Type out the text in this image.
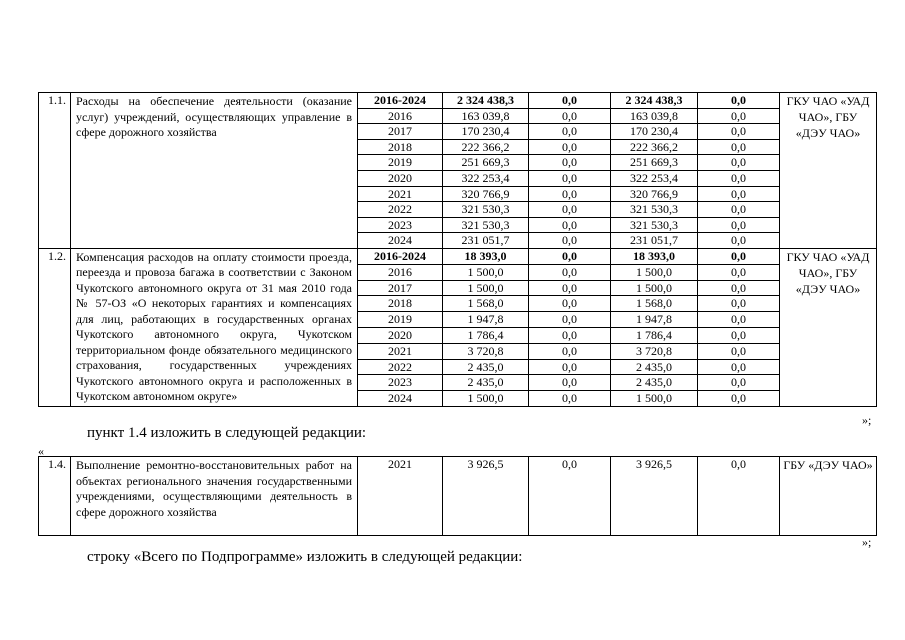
1.1.	Расходы на обеспечение деятельности (оказание услуг) учреждений, осуществляющих управление в сфере дорожного хозяйства	2016-2024	2 324 438,3	0,0	2 324 438,3	0,0	ГКУ ЧАО «УАД ЧАО», ГБУ «ДЭУ ЧАО»
		2016	163 039,8	0,0	163 039,8	0,0	
		2017	170 230,4	0,0	170 230,4	0,0	
		2018	222 366,2	0,0	222 366,2	0,0	
		2019	251 669,3	0,0	251 669,3	0,0	
		2020	322 253,4	0,0	322 253,4	0,0	
		2021	320 766,9	0,0	320 766,9	0,0	
		2022	321 530,3	0,0	321 530,3	0,0	
		2023	321 530,3	0,0	321 530,3	0,0	
		2024	231 051,7	0,0	231 051,7	0,0	
1.2.	Компенсация расходов на оплату стоимости проезда, переезда и провоза багажа в соответствии с Законом Чукотского автономного округа от 31 мая 2010 года № 57-ОЗ «О некоторых гарантиях и компенсациях для лиц, работающих в государственных органах Чукотского автономного округа, Чукотском территориальном фонде обязательного медицинского страхования, государственных учреждениях Чукотского автономного округа и расположенных в Чукотском автономном округе»	2016-2024	18 393,0	0,0	18 393,0	0,0	ГКУ ЧАО «УАД ЧАО», ГБУ «ДЭУ ЧАО»
		2016	1 500,0	0,0	1 500,0	0,0	
		2017	1 500,0	0,0	1 500,0	0,0	
		2018	1 568,0	0,0	1 568,0	0,0	
		2019	1 947,8	0,0	1 947,8	0,0	
		2020	1 786,4	0,0	1 786,4	0,0	
		2021	3 720,8	0,0	3 720,8	0,0	
		2022	2 435,0	0,0	2 435,0	0,0	
		2023	2 435,0	0,0	2 435,0	0,0	
		2024	1 500,0	0,0	1 500,0	0,0	
»;
пункт 1.4 изложить в следующей редакции:
«
1.4.	Выполнение ремонтно-восстановительных работ на объектах регионального значения государственными учреждениями, осуществляющими деятельность в сфере дорожного хозяйства	2021	3 926,5	0,0	3 926,5	0,0	ГБУ «ДЭУ ЧАО»
»;
строку «Всего по Подпрограмме» изложить в следующей редакции:
